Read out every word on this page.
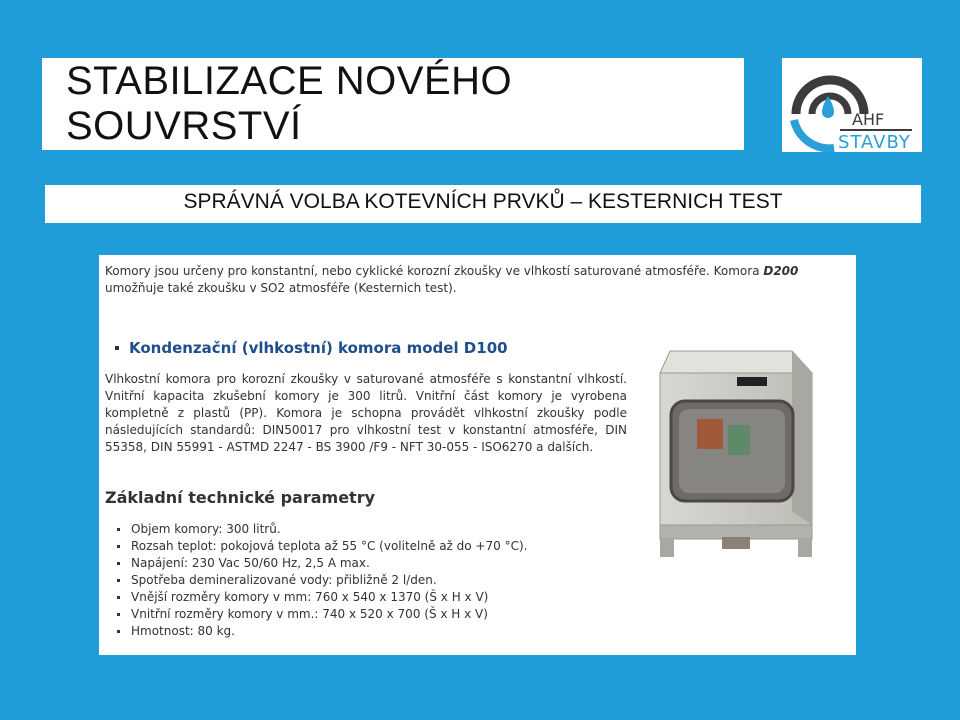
STABILIZACE NOVÉHO SOUVRSTVÍ	AHF
STAVBY
SPRÁVNÁ VOLBA KOTEVNÍCH PRVKŮ – KESTERNICH TEST
Komory jsou určeny pro konstantní, nebo cyklické korozní zkoušky ve vlhkostí saturované atmosféře. Komora D200 umožňuje také zkoušku v SO2 atmosféře (Kesternich test).
Kondenzační (vlhkostní) komora model D100
Vlhkostní komora pro korozní zkoušky v saturované atmosféře s konstantní vlhkostí. Vnitřní kapacita zkušební komory je 300 litrů. Vnitřní část komory je vyrobena kompletně z plastů (PP). Komora je schopna provádět vlhkostní zkoušky podle následujících standardů: DIN50017 pro vlhkostní test v konstantní atmosféře, DIN 55358, DIN 55991 - ASTMD 2247 - BS 3900 /F9 - NFT 30-055 - ISO6270 a dalších.
Základní technické parametry
Objem komory: 300 litrů.
Rozsah teplot: pokojová teplota až 55 °C (volitelně až do +70 °C).
Napájení: 230 Vac 50/60 Hz, 2,5 A max.
Spotřeba demineralizované vody: přibližně 2 l/den.
Vnější rozměry komory v mm: 760 x 540 x 1370 (Š x H x V)
Vnitřní rozměry komory v mm.: 740 x 520 x 700 (Š x H x V)
Hmotnost: 80 kg.
